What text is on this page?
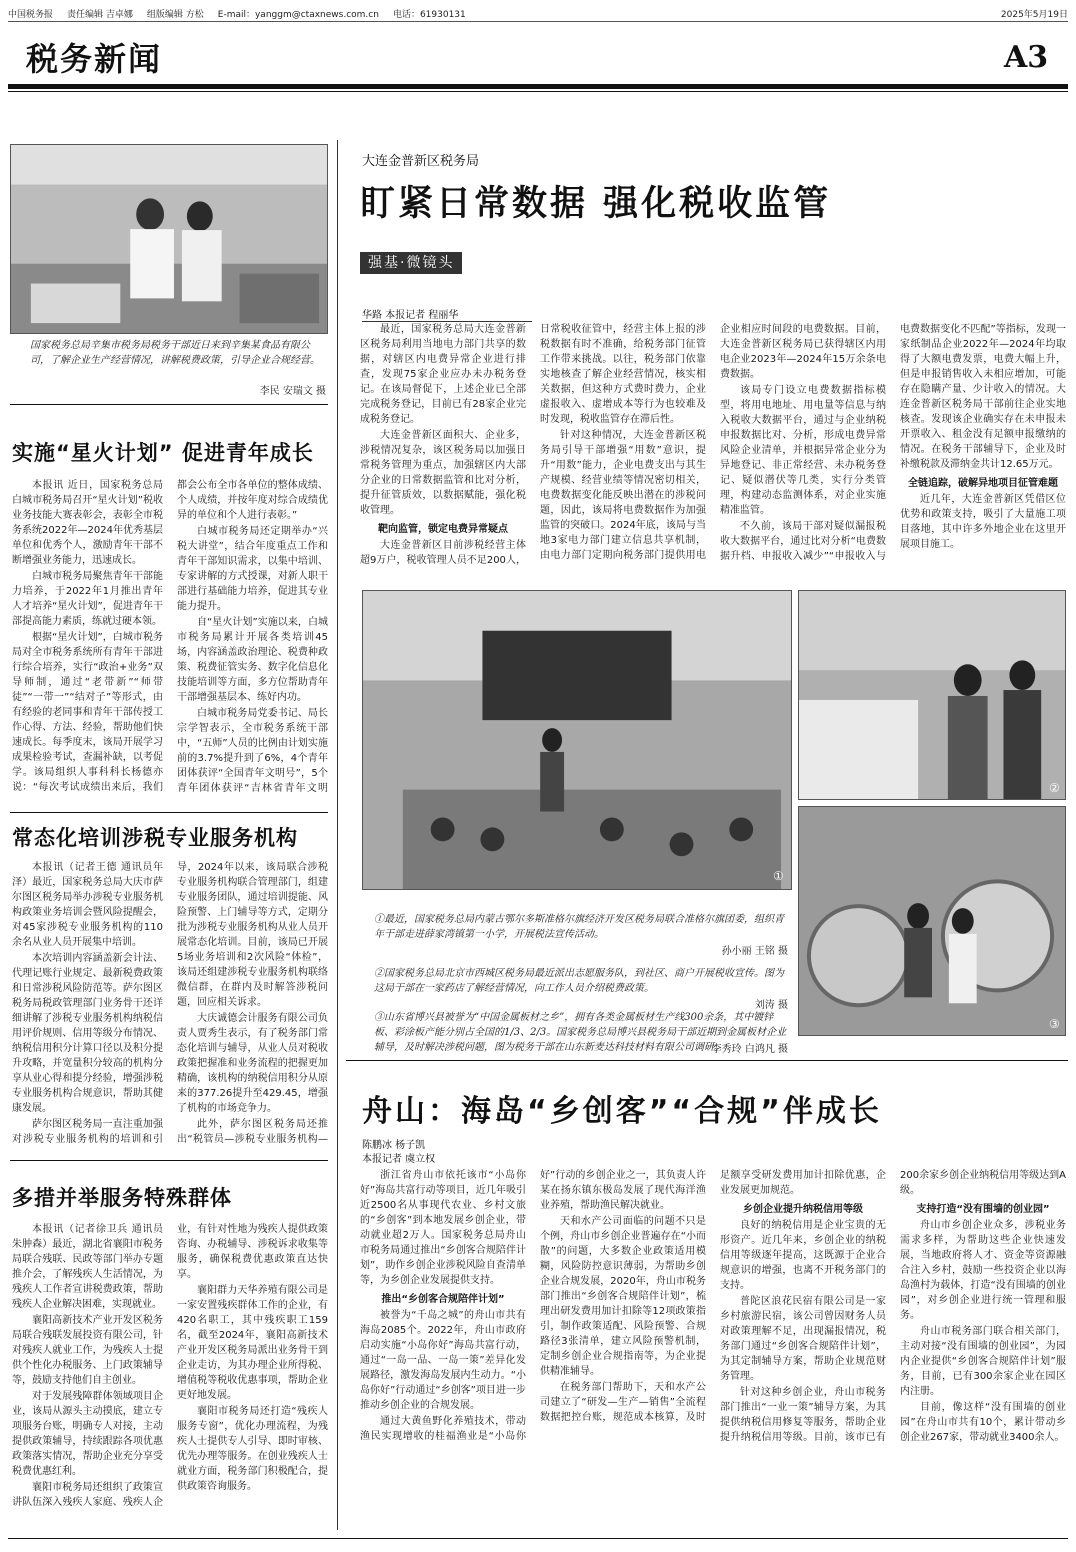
中国税务报 责任编辑 吉卓娜 组版编辑 方松 E-mail：yanggm@ctaxnews.com.cn 电话：61930131	2025年5月19日
税务新闻	A3
国家税务总局辛集市税务局税务干部近日来到辛集某食品有限公司，了解企业生产经营情况，讲解税费政策，引导企业合规经营。
李民 安瑞文 摄
实施“星火计划” 促进青年成长

本报讯 近日，国家税务总局白城市税务局召开“星火计划”税收业务技能大赛表彰会，表彰全市税务系统2022年—2024年优秀基层单位和优秀个人，激励青年干部不断增强业务能力，迅速成长。

白城市税务局聚焦青年干部能力培养，于2022年1月推出青年人才培养“星火计划”，促进青年干部提高能力素质，练就过硬本领。

根据“星火计划”，白城市税务局对全市税务系统所有青年干部进行综合培养，实行“政治+业务”双导师制，通过“老带新”“师带徒”“一带一”“结对子”等形式，由有经验的老同事和青年干部传授工作心得、方法、经验，帮助他们快速成长。每季度末，该局开展学习成果检验考试，查漏补缺，以考促学。该局组织人事科科长杨德亦说：“每次考试成绩出来后，我们都会公布全市各单位的整体成绩、个人成绩，并按年度对综合成绩优异的单位和个人进行表彰。”

白城市税务局还定期举办“兴税大讲堂”，结合年度重点工作和青年干部知识需求，以集中培训、专家讲解的方式授课，对新人职干部进行基础能力培养，促进其专业能力提升。

自“星火计划”实施以来，白城市税务局累计开展各类培训45场，内容涵盖政治理论、税费种政策、税费征管实务、数字化信息化技能培训等方面，多方位帮助青年干部增强基层本、练好内功。

白城市税务局党委书记、局长宗学智表示，全市税务系统干部中，“五师”人员的比例由计划实施前的3.7%提升到了6%，4个青年团体获评“全国青年文明号”，5个青年团体获评“吉林省青年文明

常态化培训涉税专业服务机构

本报讯（记者王德 通讯员年泽）最近，国家税务总局大庆市萨尔图区税务局举办涉税专业服务机构政策业务培训会暨风险提醒会，对45家涉税专业服务机构的110余名从业人员开展集中培训。

本次培训内容涵盖新会计法、代理记账行业规定、最新税费政策和日常涉税风险防范等。萨尔图区税务局税政管理部门业务骨干还详细讲解了涉税专业服务机构纳税信用评价规则、信用等级分布情况、纳税信用积分计算口径以及积分提升攻略，并宽量积分较高的机构分享从业心得和提分经验，增强涉税专业服务机构合规意识，帮助其健康发展。

萨尔图区税务局一直注重加强对涉税专业服务机构的培训和引导，2024年以来，该局联合涉税专业服务机构联合管理部门，组建专业服务团队，通过培训提能、风险预警、上门辅导等方式，定期分批为涉税专业服务机构从业人员开展常态化培训。目前，该局已开展5场业务培训和2次风险“体检”，该局还组建涉税专业服务机构联络微信群，在群内及时解答涉税问题，回应相关诉求。

大庆诚德会计服务有限公司负责人贾秀生表示，有了税务部门常态化培训与辅导，从业人员对税收政策把握准和业务流程的把握更加精确，该机构的纳税信用积分从原来的377.26提升至429.45，增强了机构的市场竞争力。

此外，萨尔图区税务局还推出“税管员—涉税专业服务机构—

多措并举服务特殊群体

本报讯（记者徐卫兵 通讯员朱肿森）最近，湖北省襄阳市税务局联合残联、民政等部门举办专题推介会，了解残疾人生活情况，为残疾人工作者宣讲税费政策，帮助残疾人企业解决困难，实现就业。

襄阳高新技术产业开发区税务局联合残联发展投资有限公司，针对残疾人就业工作，为残疾人士提供个性化办税服务、上门政策辅导等，鼓励支持他们自主创业。

对于发展残障群体领域项目企业，该局从源头主动摸底，建立专项服务台账，明确专人对接，主动提供政策辅导，持续跟踪各项优惠政策落实情况，帮助企业充分享受税费优惠红利。

襄阳市税务局还组织了政策宣讲队伍深入残疾人家庭、残疾人企业，有针对性地为残疾人提供政策咨询、办税辅导、涉税诉求收集等服务，确保税费优惠政策直达快享。

襄阳群力天华养殖有限公司是一家安置残疾群体工作的企业，有420名职工，其中残疾职工159名，截至2024年，襄阳高新技术产业开发区税务局派出业务骨干到企业走访，为其办理企业所得税、增值税等税收优惠事项，帮助企业更好地发展。

襄阳市税务局还打造“残疾人服务专窗”，优化办理流程，为残疾人士提供专人引导、即时审核、优先办理等服务。在创业残疾人士就业方面，税务部门积极配合，提供政策咨询服务。

大连金普新区税务局
盯紧日常数据 强化税收监管
强基·微镜头
华路 本报记者 程丽华

最近，国家税务总局大连金普新区税务局利用当地电力部门共享的数据，对辖区内电费异常企业进行排查，发现75家企业应办未办税务登记。在该局督促下，上述企业已全部完成税务登记，目前已有28家企业完成税务登记。

大连金普新区面积大、企业多，涉税情况复杂，该区税务局以加强日常税务管理为重点，加强辖区内大部分企业的日常数据监管和比对分析，提升征管质效，以数据赋能，强化税收管理。

靶向监管，锁定电费异常疑点

大连金普新区目前涉税经营主体超9万户，税收管理人员不足200人，日常税收征管中，经营主体上报的涉税数据有时不准确，给税务部门征管工作带来挑战。以往，税务部门依靠实地核查了解企业经营情况，核实相关数据，但这种方式费时费力，企业虚报收入、虚增成本等行为也较难及时发现，税收监管存在滞后性。

针对这种情况，大连金普新区税务局引导干部增强“用数”意识，提升“用数”能力，企业电费支出与其生产规模、经营业绩等情况密切相关，电费数据变化能反映出潜在的涉税问题，因此，该局将电费数据作为加强监管的突破口。2024年底，该局与当地3家电力部门建立信息共享机制，由电力部门定期向税务部门提供用电企业相应时间段的电费数据。目前，大连金普新区税务局已获得辖区内用电企业2023年—2024年15万余条电费数据。

该局专门设立电费数据指标模型，将用电地址、用电量等信息与纳入税收大数据平台，通过与企业纳税申报数据比对、分析，形成电费异常风险企业清单，并根据异常企业分为异地登记、非正常经营、未办税务登记、疑似潜伏等几类，实行分类管理，构建动态监测体系，对企业实施精准监管。

不久前，该局干部对疑似漏报税收大数据平台，通过比对分析“电费数据升档、申报收入减少”“申报收入与电费数据变化不匹配”等指标，发现一家纸制品企业2022年—2024年均取得了大额电费发票，电费大幅上升，但是申报销售收入未相应增加，可能存在隐瞒产量、少计收入的情况。大连金普新区税务局干部前往企业实地核查。发现该企业确实存在未申报未开票收入、租金没有足额申报缴纳的情况。在税务干部辅导下，企业及时补缴税款及滞纳金共计12.65万元。

全链追踪，破解异地项目征管难题

近几年，大连金普新区凭借区位优势和政策支持，吸引了大量施工项目落地，其中许多外地企业在这里开展项目施工。

①
②
③
①最近，国家税务总局内蒙古鄂尔多斯准格尔旗经济开发区税务局联合准格尔旗团委，组织青年干部走进薛家湾镇第一小学，开展税法宣传活动。
孙小丽 王铭 摄
②国家税务总局北京市西城区税务局最近派出志愿服务队，到社区、商户开展税收宣传。图为这局干部在一家药店了解经营情况，向工作人员介绍税费政策。
刘涛 摄
③山东省博兴县被誉为“中国金属板材之乡”，拥有各类金属板材生产线300余条，其中镀锌板、彩涂板产能分别占全国的1/3、2/3。国家税务总局博兴县税务局干部近期到金属板材企业辅导，及时解决涉税问题，图为税务干部在山东新麦达科技材料有限公司调研。
李秀玲 白鸿凡 摄
舟山：海岛“乡创客”“合规”伴成长
陈鹏冰 杨子凯
本报记者 虞立权

浙江省舟山市依托该市“小岛你好”海岛共富行动等项目，近几年吸引近2500名从事现代农业、乡村文旅的“乡创客”到本地发展乡创企业，带动就业超2万人。国家税务总局舟山市税务局通过推出“乡创客合规陪伴计划”，助作乡创企业涉税风险自查清单等，为乡创企业发展提供支持。

推出“乡创客合规陪伴计划”

被誉为“千岛之城”的舟山市共有海岛2085个。2022年，舟山市政府启动实施“小岛你好”海岛共富行动，通过“一岛一品、一岛一策”差异化发展路径，激发海岛发展内生动力。“小岛你好”行动通过“乡创客”项目进一步推动乡创企业的合规发展。

通过大黄鱼野化养殖技术，带动渔民实现增收的桂福渔业是“小岛你好”行动的乡创企业之一，其负责人许某在扬东镇东极岛发展了现代海洋渔业养殖，帮助渔民解决就业。

天和水产公司面临的问题不只是个例，舟山市乡创企业普遍存在“小而散”的问题，大多数企业政策适用模糊，风险防控意识薄弱，为帮助乡创企业合规发展，2020年，舟山市税务部门推出“乡创客合规陪伴计划”，梳理出研发费用加计扣除等12项政策指引，制作政策适配、风险预警、合规路径3张清单，建立风险预警机制，定制乡创企业合规指南等，为企业提供精准辅导。

在税务部门帮助下，天和水产公司建立了“研发—生产—销售”全流程数据把控台账，规范成本核算，及时足额享受研发费用加计扣除优惠，企业发展更加规范。

乡创企业提升纳税信用等级

良好的纳税信用是企业宝贵的无形资产。近几年来，乡创企业的纳税信用等级逐年提高，这既源于企业合规意识的增强，也离不开税务部门的支持。

普陀区浪花民宿有限公司是一家乡村旅游民宿，该公司曾因财务人员对政策理解不足，出现漏报情况，税务部门通过“乡创客合规陪伴计划”，为其定制辅导方案，帮助企业规范财务管理。

针对这种乡创企业，舟山市税务部门推出“一业一策”辅导方案，为其提供纳税信用修复等服务，帮助企业提升纳税信用等级。目前，该市已有200余家乡创企业纳税信用等级达到A级。

支持打造“没有围墙的创业园”

舟山市乡创企业众多，涉税业务需求多样，为帮助这些企业快速发展，当地政府将人才、资金等资源融合注入乡村，鼓励一些投资企业以海岛渔村为载体，打造“没有围墙的创业园”，对乡创企业进行统一管理和服务。

舟山市税务部门联合相关部门，主动对接“没有围墙的创业园”，为园内企业提供“乡创客合规陪伴计划”服务，目前，已有300余家企业在园区内注册。

目前，像这样“没有围墙的创业园”在舟山市共有10个，累计带动乡创企业267家，带动就业3400余人。
